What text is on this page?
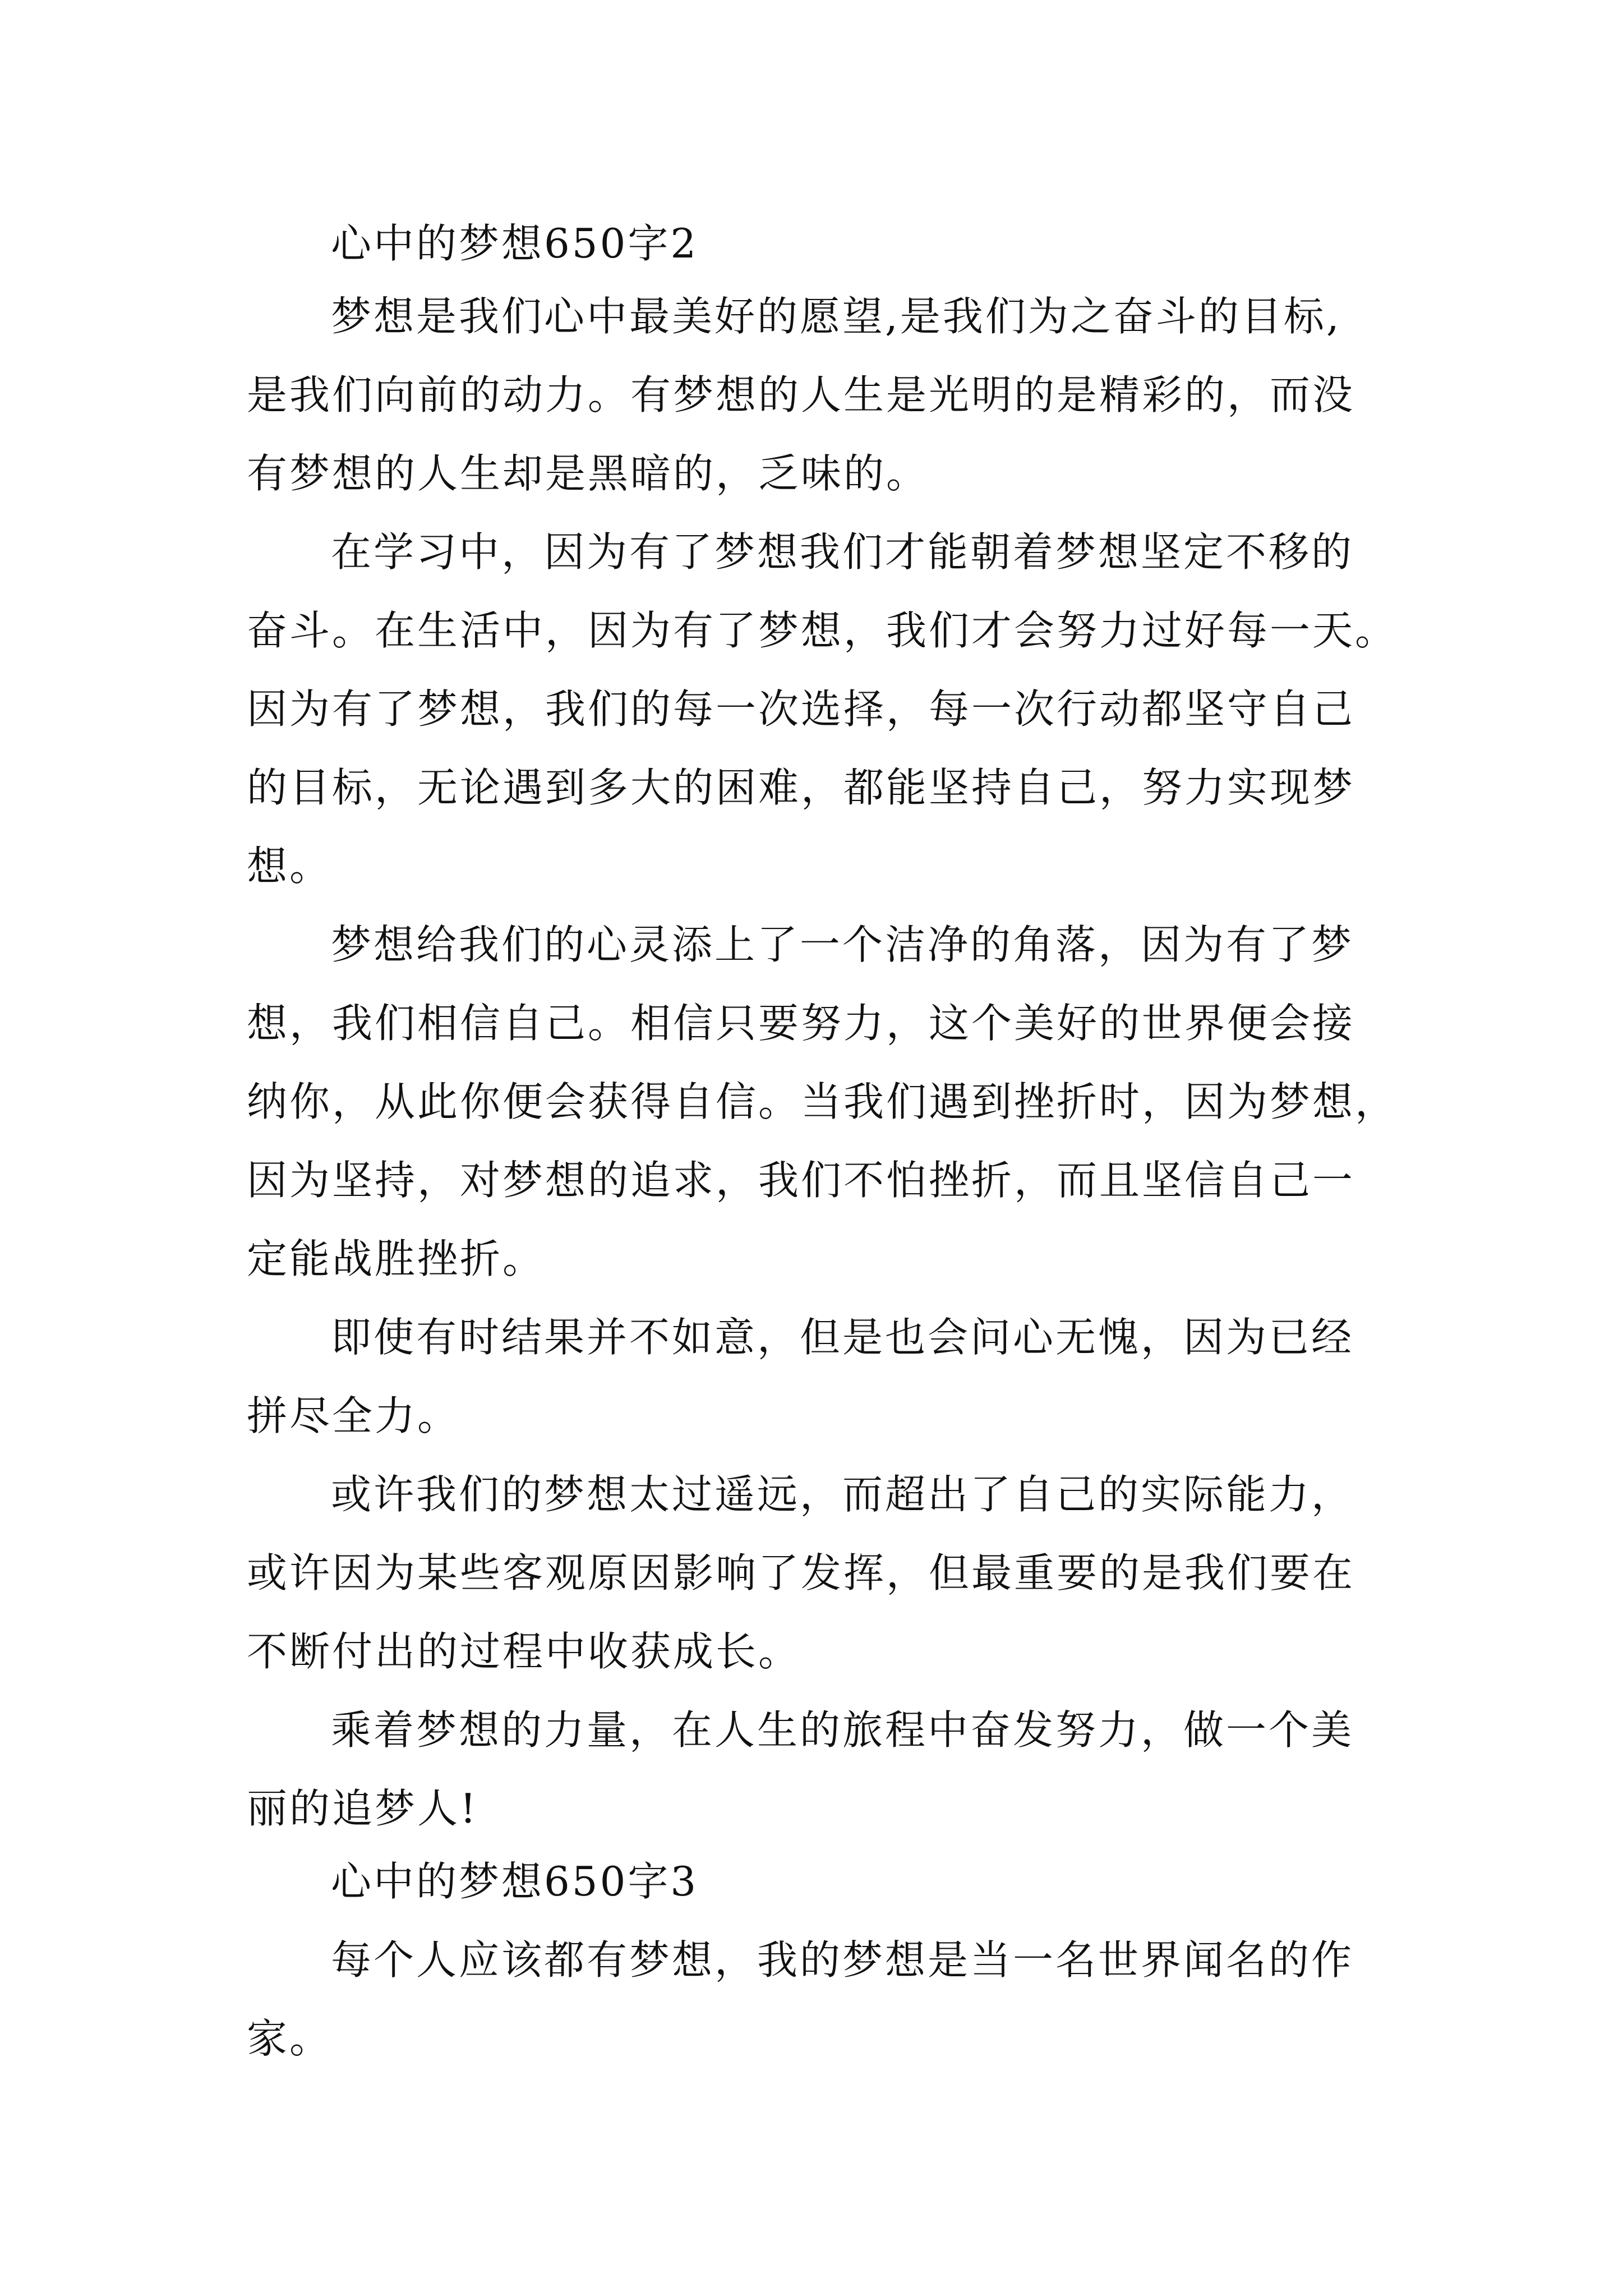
心中的梦想650字2

梦想是我们心中最美好的愿望,是我们为之奋斗的目标,

是我们向前的动力。有梦想的人生是光明的是精彩的，而没

有梦想的人生却是黑暗的，乏味的。

在学习中，因为有了梦想我们才能朝着梦想坚定不移的

奋斗。在生活中，因为有了梦想，我们才会努力过好每一天。

因为有了梦想，我们的每一次选择，每一次行动都坚守自己

的目标，无论遇到多大的困难，都能坚持自己，努力实现梦

想。

梦想给我们的心灵添上了一个洁净的角落，因为有了梦

想，我们相信自己。相信只要努力，这个美好的世界便会接

纳你，从此你便会获得自信。当我们遇到挫折时，因为梦想，

因为坚持，对梦想的追求，我们不怕挫折，而且坚信自己一

定能战胜挫折。

即使有时结果并不如意，但是也会问心无愧，因为已经

拼尽全力。

或许我们的梦想太过遥远，而超出了自己的实际能力，

或许因为某些客观原因影响了发挥，但最重要的是我们要在

不断付出的过程中收获成长。

乘着梦想的力量，在人生的旅程中奋发努力，做一个美

丽的追梦人!

心中的梦想650字3

每个人应该都有梦想，我的梦想是当一名世界闻名的作

家。
